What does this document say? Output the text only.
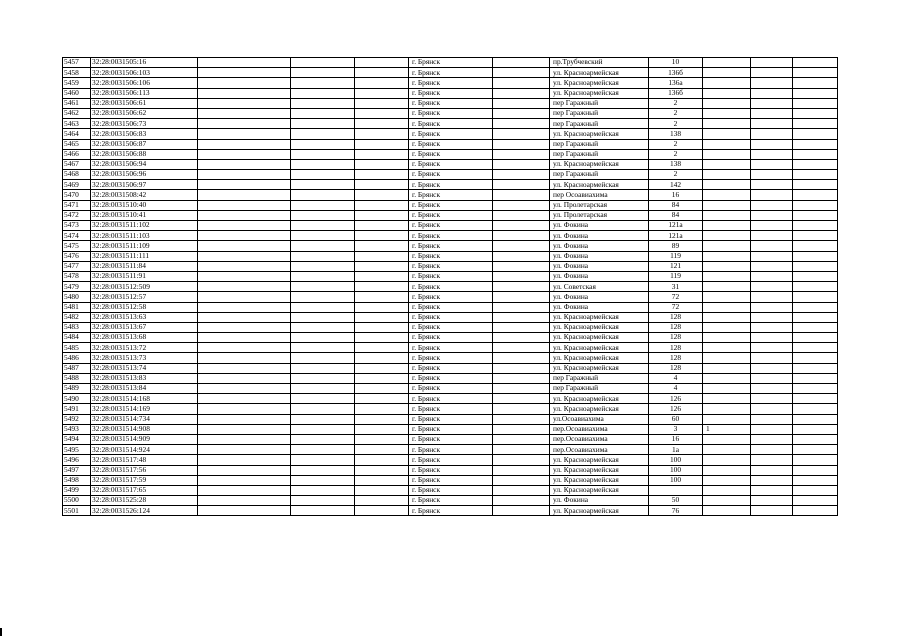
5457	32:28:0031505:16				г. Брянск		пр.Трубчевский	10			
5458	32:28:0031506:103				г. Брянск		ул. Красноармейская	136б			
5459	32:28:0031506:106				г. Брянск		ул. Красноармейская	136а			
5460	32:28:0031506:113				г. Брянск		ул. Красноармейская	136б			
5461	32:28:0031506:61				г. Брянск		пер Гаражный	2			
5462	32:28:0031506:62				г. Брянск		пер Гаражный	2			
5463	32:28:0031506:73				г. Брянск		пер Гаражный	2			
5464	32:28:0031506:83				г. Брянск		ул. Красноармейская	138			
5465	32:28:0031506:87				г. Брянск		пер Гаражный	2			
5466	32:28:0031506:88				г. Брянск		пер Гаражный	2			
5467	32:28:0031506:94				г. Брянск		ул. Красноармейская	138			
5468	32:28:0031506:96				г. Брянск		пер Гаражный	2			
5469	32:28:0031506:97				г. Брянск		ул. Красноармейская	142			
5470	32:28:0031508:42				г. Брянск		пер Осоавиахима	16			
5471	32:28:0031510:40				г. Брянск		ул. Пролетарская	84			
5472	32:28:0031510:41				г. Брянск		ул. Пролетарская	84			
5473	32:28:0031511:102				г. Брянск		ул. Фокина	121а			
5474	32:28:0031511:103				г. Брянск		ул. Фокина	121а			
5475	32:28:0031511:109				г. Брянск		ул. Фокина	89			
5476	32:28:0031511:111				г. Брянск		ул. Фокина	119			
5477	32:28:0031511:84				г. Брянск		ул. Фокина	121			
5478	32:28:0031511:91				г. Брянск		ул. Фокина	119			
5479	32:28:0031512:509				г. Брянск		ул. Советская	31			
5480	32:28:0031512:57				г. Брянск		ул. Фокина	72			
5481	32:28:0031512:58				г. Брянск		ул. Фокина	72			
5482	32:28:0031513:63				г. Брянск		ул. Красноармейская	128			
5483	32:28:0031513:67				г. Брянск		ул. Красноармейская	128			
5484	32:28:0031513:68				г. Брянск		ул. Красноармейская	128			
5485	32:28:0031513:72				г. Брянск		ул. Красноармейская	128			
5486	32:28:0031513:73				г. Брянск		ул. Красноармейская	128			
5487	32:28:0031513:74				г. Брянск		ул. Красноармейская	128			
5488	32:28:0031513:83				г. Брянск		пер Гаражный	4			
5489	32:28:0031513:84				г. Брянск		пер Гаражный	4			
5490	32:28:0031514:168				г. Брянск		ул. Красноармейская	126			
5491	32:28:0031514:169				г. Брянск		ул. Красноармейская	126			
5492	32:28:0031514:734				г. Брянск		ул.Осоавиахима	60			
5493	32:28:0031514:908				г. Брянск		пер.Осоавиахима	3	1		
5494	32:28:0031514:909				г. Брянск		пер.Осоавиахима	16			
5495	32:28:0031514:924				г. Брянск		пер.Осоавиахима	1а			
5496	32:28:0031517:48				г. Брянск		ул. Красноармейская	100			
5497	32:28:0031517:56				г. Брянск		ул. Красноармейская	100			
5498	32:28:0031517:59				г. Брянск		ул. Красноармейская	100			
5499	32:28:0031517:65				г. Брянск		ул. Красноармейская				
5500	32:28:0031525:28				г. Брянск		ул. Фокина	50			
5501	32:28:0031526:124				г. Брянск		ул. Красноармейская	76			
